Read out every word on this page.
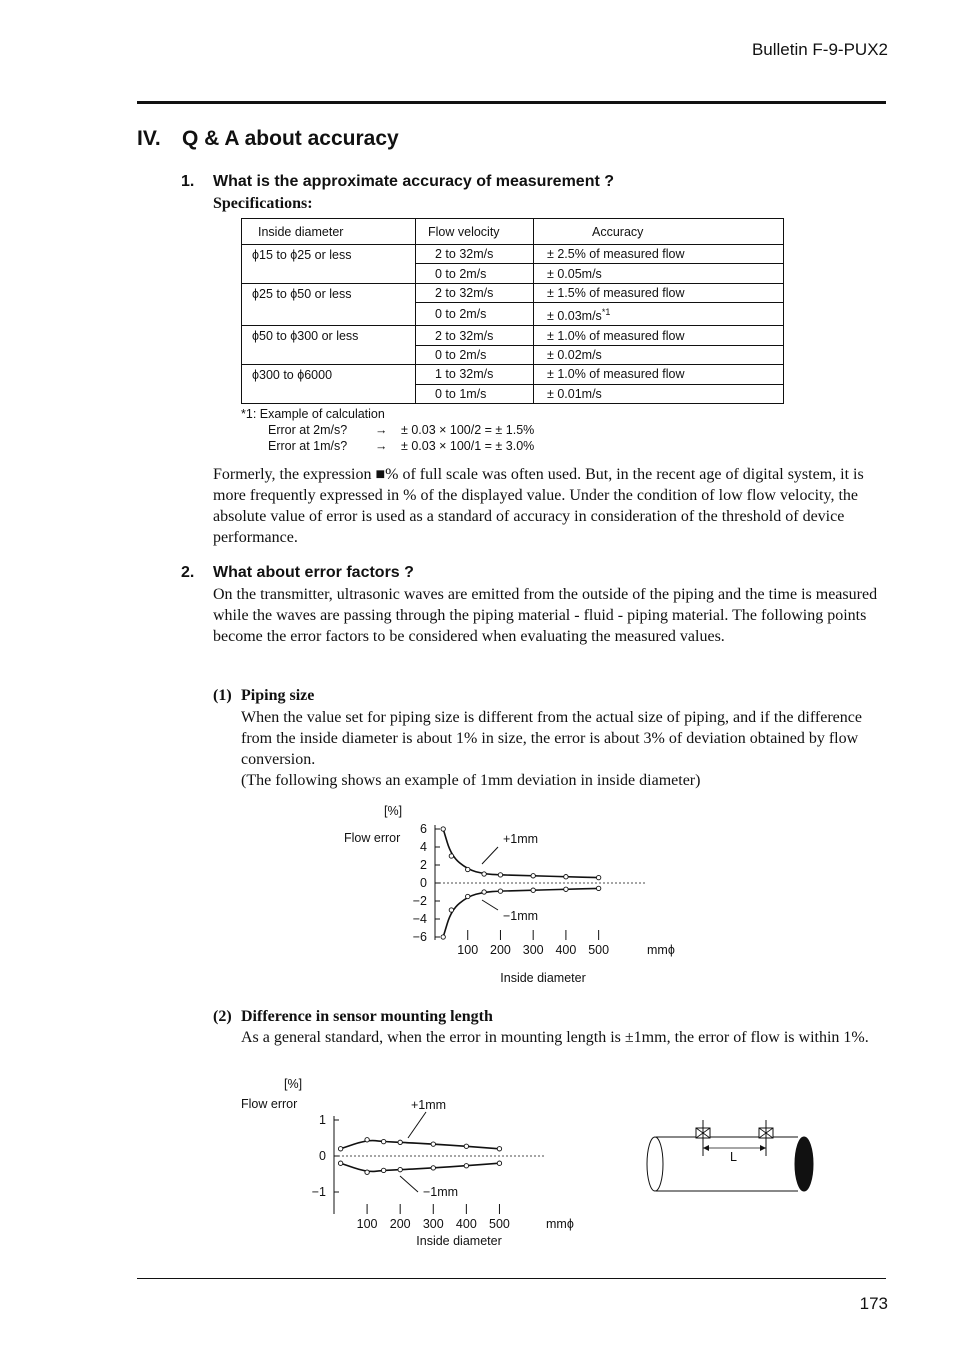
Bulletin F-9-PUX2
IV. Q & A about accuracy
1. What is the approximate accuracy of measurement ?
Specifications:
Inside diameter	Flow velocity	Accuracy
ϕ15 to ϕ25 or less	2 to 32m/s	± 2.5% of measured flow
	0 to 2m/s	± 0.05m/s
ϕ25 to ϕ50 or less	2 to 32m/s	± 1.5% of measured flow
	0 to 2m/s	± $0.03m/s^{*1}$
ϕ50 to ϕ300 or less	2 to 32m/s	± 1.0% of measured flow
	0 to 2m/s	± 0.02m/s
ϕ300 to ϕ6000	1 to 32m/s	± 1.0% of measured flow
	0 to 1m/s	± 0.01m/s
*1: Example of calculation
Error at 2m/s? → ± 0.03 × 100/2 = ± 1.5%
Error at 1m/s? → ± 0.03 × 100/1 = ± 3.0%
Formerly, the expression ■% of full scale was often used. But, in the recent age of digital system, it is more frequently expressed in % of the displayed value. Under the condition of low flow velocity, the absolute value of error is used as a standard of accuracy in consideration of the threshold of device performance.
2. What about error factors ?
On the transmitter, ultrasonic waves are emitted from the outside of the piping and the time is measured while the waves are passing through the piping material - fluid - piping material. The following points become the error factors to be considered when evaluating the measured values.
(1) Piping size
When the value set for piping size is different from the actual size of piping, and if the difference from the inside diameter is about 1% in size, the error is about 3% of deviation obtained by flow conversion.
(The following shows an example of 1mm deviation in inside diameter)
6
4
2
0
−2
−4
−6
100 200 300 400 500	mmϕ
Inside diameter
[%]
Flow error	+1mm
−1mm
(2) Difference in sensor mounting length
As a general standard, when the error in mounting length is ±1mm, the error of flow is within 1%.
1
0
−1
100 200 300 400 500	mmϕ
Inside diameter
[%]
Flow error	+1mm
−1mm
L
173
